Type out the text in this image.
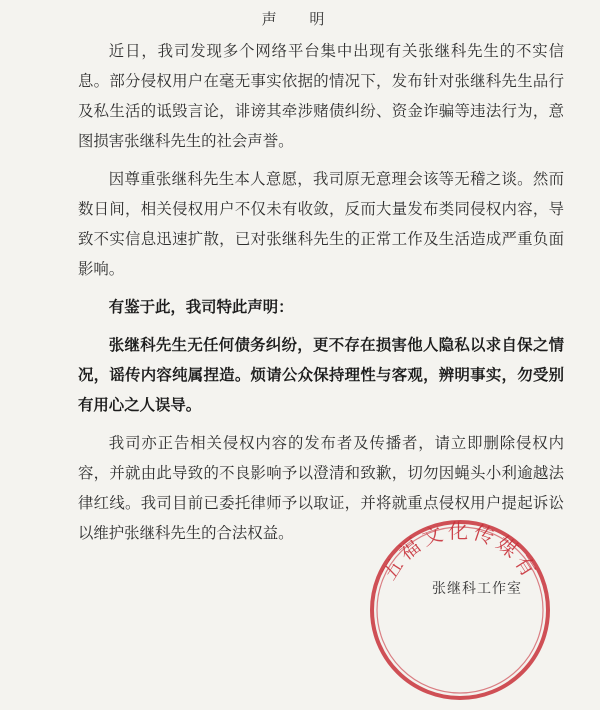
声 明

近日，我司发现多个网络平台集中出现有关张继科先生的不实信息。部分侵权用户在毫无事实依据的情况下，发布针对张继科先生品行及私生活的诋毁言论，诽谤其牵涉赌债纠纷、资金诈骗等违法行为，意图损害张继科先生的社会声誉。

因尊重张继科先生本人意愿，我司原无意理会该等无稽之谈。然而数日间，相关侵权用户不仅未有收敛，反而大量发布类同侵权内容，导致不实信息迅速扩散，已对张继科先生的正常工作及生活造成严重负面影响。

有鉴于此，我司特此声明：

张继科先生无任何债务纠纷，更不存在损害他人隐私以求自保之情况，谣传内容纯属捏造。烦请公众保持理性与客观，辨明事实，勿受别有用心之人误导。

我司亦正告相关侵权内容的发布者及传播者，请立即删除侵权内容，并就由此导致的不良影响予以澄清和致歉，切勿因蝇头小利逾越法律红线。我司目前已委托律师予以取证，并将就重点侵权用户提起诉讼以维护张继科先生的合法权益。

五福文化传媒有
张继科工作室
